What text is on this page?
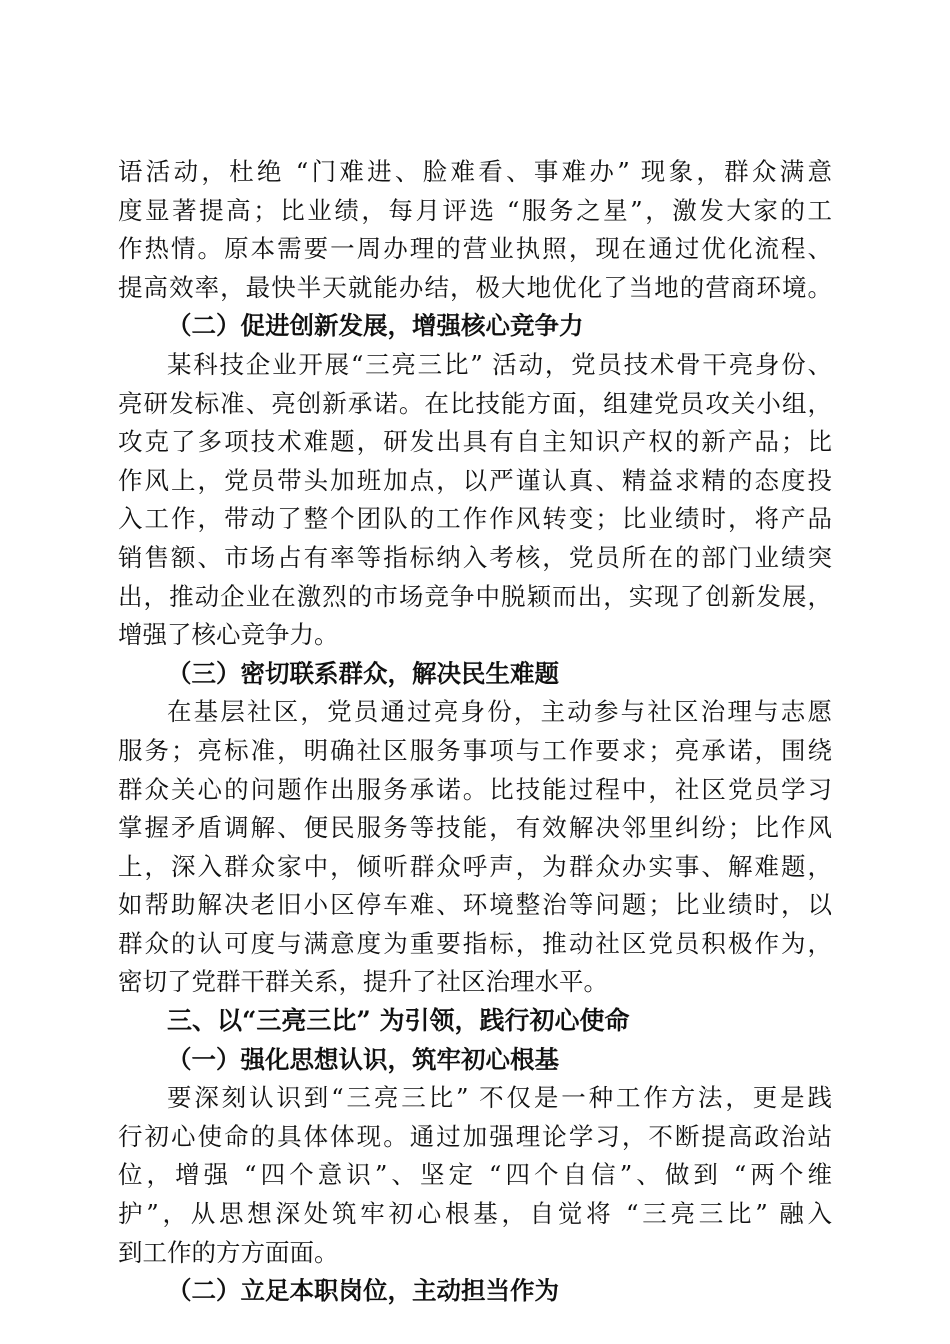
语活动，杜绝 “门难进、脸难看、事难办” 现象，群众满意
度显著提高；比业绩，每月评选 “服务之星”，激发大家的工
作热情。原本需要一周办理的营业执照，现在通过优化流程、
提高效率，最快半天就能办结，极大地优化了当地的营商环境。
（二）促进创新发展，增强核心竞争力
某科技企业开展“三亮三比” 活动，党员技术骨干亮身份、
亮研发标准、亮创新承诺。在比技能方面，组建党员攻关小组，
攻克了多项技术难题，研发出具有自主知识产权的新产品；比
作风上，党员带头加班加点，以严谨认真、精益求精的态度投
入工作，带动了整个团队的工作作风转变；比业绩时，将产品
销售额、市场占有率等指标纳入考核，党员所在的部门业绩突
出，推动企业在激烈的市场竞争中脱颖而出，实现了创新发展，
增强了核心竞争力。
（三）密切联系群众，解决民生难题
在基层社区，党员通过亮身份，主动参与社区治理与志愿
服务；亮标准，明确社区服务事项与工作要求；亮承诺，围绕
群众关心的问题作出服务承诺。比技能过程中，社区党员学习
掌握矛盾调解、便民服务等技能，有效解决邻里纠纷；比作风
上，深入群众家中，倾听群众呼声，为群众办实事、解难题，
如帮助解决老旧小区停车难、环境整治等问题；比业绩时，以
群众的认可度与满意度为重要指标，推动社区党员积极作为，
密切了党群干群关系，提升了社区治理水平。
三、以“三亮三比” 为引领，践行初心使命
（一）强化思想认识，筑牢初心根基
要深刻认识到“三亮三比” 不仅是一种工作方法，更是践
行初心使命的具体体现。通过加强理论学习，不断提高政治站
位，增强 “四个意识”、坚定 “四个自信”、做到 “两个维
护”，从思想深处筑牢初心根基，自觉将 “三亮三比” 融入
到工作的方方面面。
（二）立足本职岗位，主动担当作为
